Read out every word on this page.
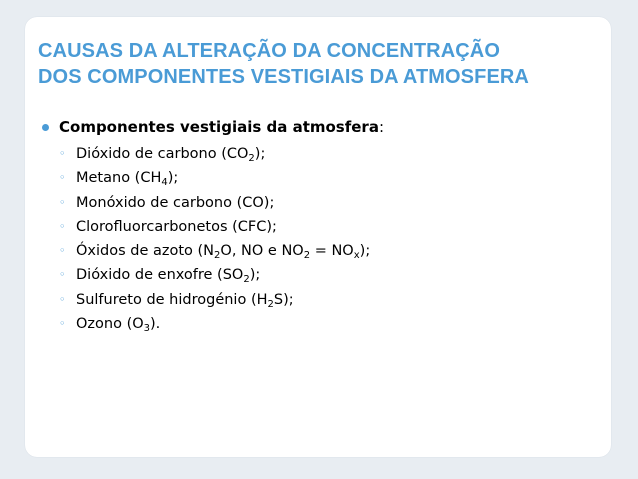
CAUSAS DA ALTERAÇÃO DA CONCENTRAÇÃO
DOS COMPONENTES VESTIGIAIS DA ATMOSFERA
Componentes vestigiais da atmosfera:
◦ Dióxido de carbono $(CO_2)$;
◦ Metano $(CH_4)$;
◦ Monóxido de carbono (CO);
◦ Clorofluorcarbonetos (CFC);
◦ Óxidos de azoto ($N_2O$, NO e $NO_2 = NO_x$);
◦ Dióxido de enxofre $(SO_2)$;
◦ Sulfureto de hidrogénio $(H_2S)$;
◦ Ozono $(O_3)$.
